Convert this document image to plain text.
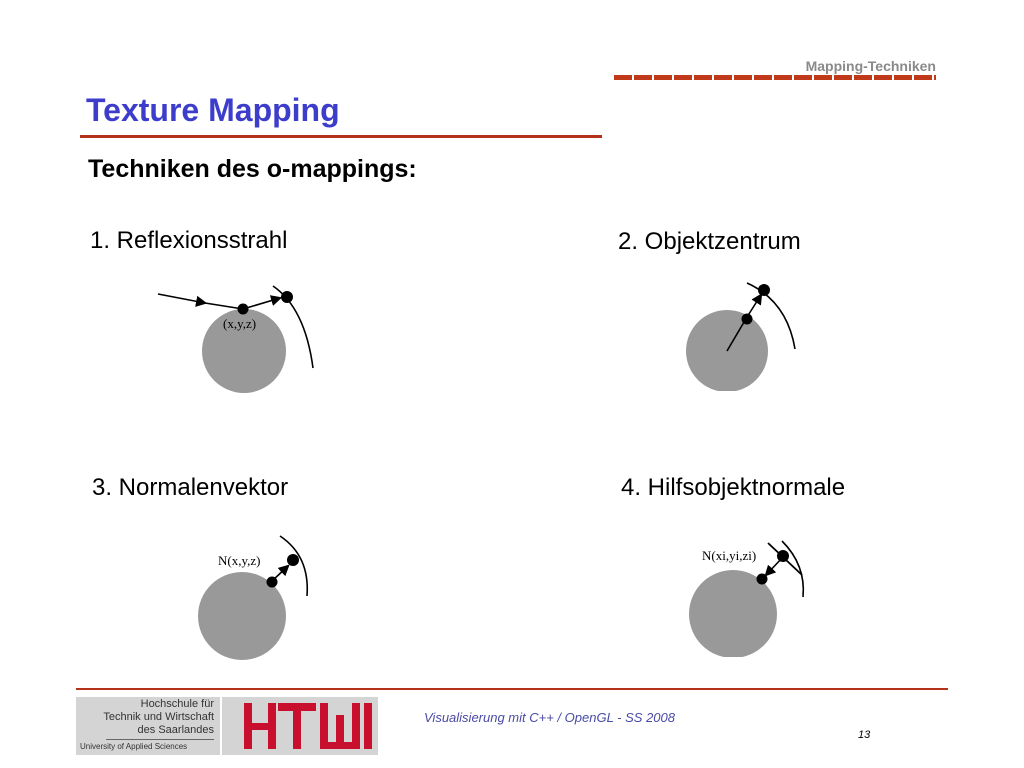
Mapping-Techniken
Texture Mapping
Techniken des o-mappings:
1. Reflexionsstrahl	2. Objektzentrum
3. Normalenvektor	4. Hilfsobjektnormale
(x,y,z)
N(x,y,z)	N(xi,yi,zi)
Hochschule für
Technik und Wirtschaft
des Saarlandes
University of Applied Sciences
Visualisierung mit C++ / OpenGL - SS 2008
13
